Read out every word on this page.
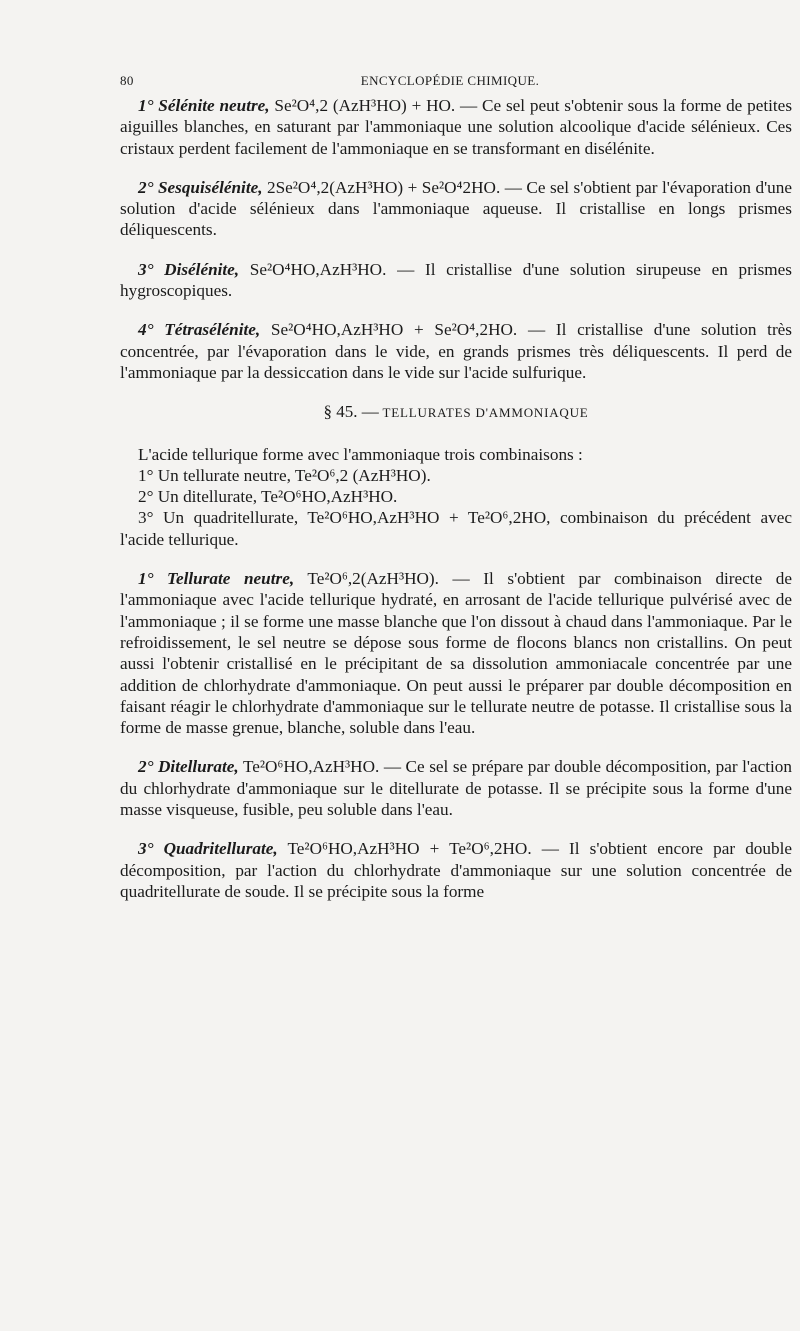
80	ENCYCLOPÉDIE CHIMIQUE.

1° Sélénite neutre, Se²O⁴,2 (AzH³HO) + HO. — Ce sel peut s'obtenir sous la forme de petites aiguilles blanches, en saturant par l'ammoniaque une solution alcoolique d'acide sélénieux. Ces cristaux perdent facilement de l'ammoniaque en se transformant en disélénite.

2° Sesquisélénite, 2Se²O⁴,2(AzH³HO) + Se²O⁴2HO. — Ce sel s'obtient par l'évaporation d'une solution d'acide sélénieux dans l'ammoniaque aqueuse. Il cristallise en longs prismes déliquescents.

3° Disélénite, Se²O⁴HO,AzH³HO. — Il cristallise d'une solution sirupeuse en prismes hygroscopiques.

4° Tétrasélénite, Se²O⁴HO,AzH³HO + Se²O⁴,2HO. — Il cristallise d'une solution très concentrée, par l'évaporation dans le vide, en grands prismes très déliquescents. Il perd de l'ammoniaque par la dessiccation dans le vide sur l'acide sulfurique.

§ 45. — TELLURATES D'AMMONIAQUE

L'acide tellurique forme avec l'ammoniaque trois combinaisons :

1° Un tellurate neutre, Te²O⁶,2 (AzH³HO).

2° Un ditellurate, Te²O⁶HO,AzH³HO.

3° Un quadritellurate, Te²O⁶HO,AzH³HO + Te²O⁶,2HO, combinaison du précédent avec l'acide tellurique.

1° Tellurate neutre, Te²O⁶,2(AzH³HO). — Il s'obtient par combinaison directe de l'ammoniaque avec l'acide tellurique hydraté, en arrosant de l'acide tellurique pulvérisé avec de l'ammoniaque ; il se forme une masse blanche que l'on dissout à chaud dans l'ammoniaque. Par le refroidissement, le sel neutre se dépose sous forme de flocons blancs non cristallins. On peut aussi l'obtenir cristallisé en le précipitant de sa dissolution ammoniacale concentrée par une addition de chlorhydrate d'ammoniaque. On peut aussi le préparer par double décomposition en faisant réagir le chlorhydrate d'ammoniaque sur le tellurate neutre de potasse. Il cristallise sous la forme de masse grenue, blanche, soluble dans l'eau.

2° Ditellurate, Te²O⁶HO,AzH³HO. — Ce sel se prépare par double décomposition, par l'action du chlorhydrate d'ammoniaque sur le ditellurate de potasse. Il se précipite sous la forme d'une masse visqueuse, fusible, peu soluble dans l'eau.

3° Quadritellurate, Te²O⁶HO,AzH³HO + Te²O⁶,2HO. — Il s'obtient encore par double décomposition, par l'action du chlorhydrate d'ammoniaque sur une solution concentrée de quadritellurate de soude. Il se précipite sous la forme
